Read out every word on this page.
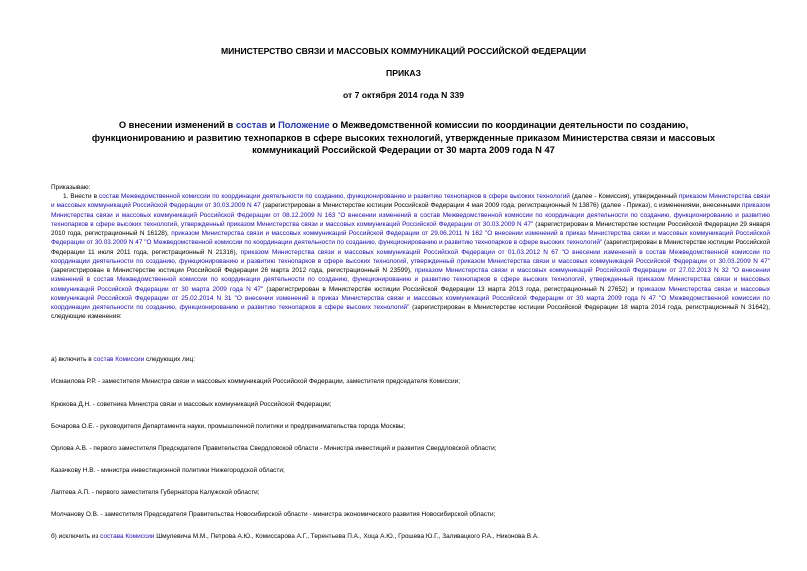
МИНИСТЕРСТВО СВЯЗИ И МАССОВЫХ КОММУНИКАЦИЙ РОССИЙСКОЙ ФЕДЕРАЦИИ

ПРИКАЗ

от 7 октября 2014 года N 339

О внесении изменений в состав и Положение о Межведомственной комиссии по координации деятельности по созданию, функционированию и развитию технопарков в сфере высоких технологий, утвержденные приказом Министерства связи и массовых коммуникаций Российской Федерации от 30 марта 2009 года N 47

Приказываю:

1. Внести в состав Межведомственной комиссии по координации деятельности по созданию, функционированию и развитию технопарков в сфере высоких технологий (далее - Комиссия), утвержденный приказом Министерства связи и массовых коммуникаций Российской Федерации от 30.03.2009 N 47 (зарегистрирован в Министерстве юстиции Российской Федерации 4 мая 2009 года, регистрационный N 13876) (далее - Приказ), с изменениями, внесенными приказом Министерства связи и массовых коммуникаций Российской Федерации от 08.12.2009 N 163 "О внесении изменений в состав Межведомственной комиссии по координации деятельности по созданию, функционированию и развитию технопарков в сфере высоких технологий, утвержденный приказом Министерства связи и массовых коммуникаций Российской Федерации от 30.03.2009 N 47" (зарегистрирован в Министерстве юстиции Российской Федерации 29 января 2010 года, регистрационный N 16128), приказом Министерства связи и массовых коммуникаций Российской Федерации от 29.06.2011 N 162 "О внесении изменений в приказ Министерства связи и массовых коммуникаций Российской Федерации от 30.03.2009 N 47 "О Межведомственной комиссии по координации деятельности по созданию, функционированию и развитию технопарков в сфере высоких технологий" (зарегистрирован в Министерстве юстиции Российской Федерации 11 июля 2011 года, регистрационный N 21316), приказом Министерства связи и массовых коммуникаций Российской Федерации от 01.03.2012 N 67 "О внесении изменений в состав Межведомственной комиссии по координации деятельности по созданию, функционированию и развитию технопарков в сфере высоких технологий, утвержденный приказом Министерства связи и массовых коммуникаций Российской Федерации от 30.03.2009 N 47" (зарегистрирован в Министерстве юстиции Российской Федерации 26 марта 2012 года, регистрационный N 23599), приказом Министерства связи и массовых коммуникаций Российской Федерации от 27.02.2013 N 32 "О внесении изменений в состав Межведомственной комиссии по координации деятельности по созданию, функционированию и развитию технопарков в сфере высоких технологий, утвержденный приказом Министерства связи и массовых коммуникаций Российской Федерации от 30 марта 2009 года N 47" (зарегистрирован в Министерстве юстиции Российской Федерации 13 марта 2013 года, регистрационный N 27652) и приказом Министерства связи и массовых коммуникаций Российской Федерации от 25.02.2014 N 31 "О внесении изменений в приказ Министерства связи и массовых коммуникаций Российской Федерации от 30 марта 2009 года N 47 "О Межведомственной комиссии по координации деятельности по созданию, функционированию и развитию технопарков в сфере высоких технологий" (зарегистрирован в Министерстве юстиции Российской Федерации 18 марта 2014 года, регистрационный N 31642), следующие изменения:

а) включить в состав Комиссии следующих лиц:

Исмаилова Р.Р. - заместителя Министра связи и массовых коммуникаций Российской Федерации, заместителя председателя Комиссии;

Крюкова Д.Н. - советника Министра связи и массовых коммуникаций Российской Федерации;

Бочарова О.Е. - руководителя Департамента науки, промышленной политики и предпринимательства города Москвы;

Орлова А.В. - первого заместителя Председателя Правительства Свердловской области - Министра инвестиций и развития Свердловской области;

Казачкову Н.В. - министра инвестиционной политики Нижегородской области;

Лаптева А.П. - первого заместителя Губернатора Калужской области;

Молчанову О.В. - заместителя Председателя Правительства Новосибирской области - министра экономического развития Новосибирской области;

б) исключить из состава Комиссии Шмулевича М.М., Петрова А.Ю., Комиссарова А.Г., Терентьева П.А., Хоца А.Ю., Грошева Ю.Г., Заливацкого Р.А., Никонова В.А.
